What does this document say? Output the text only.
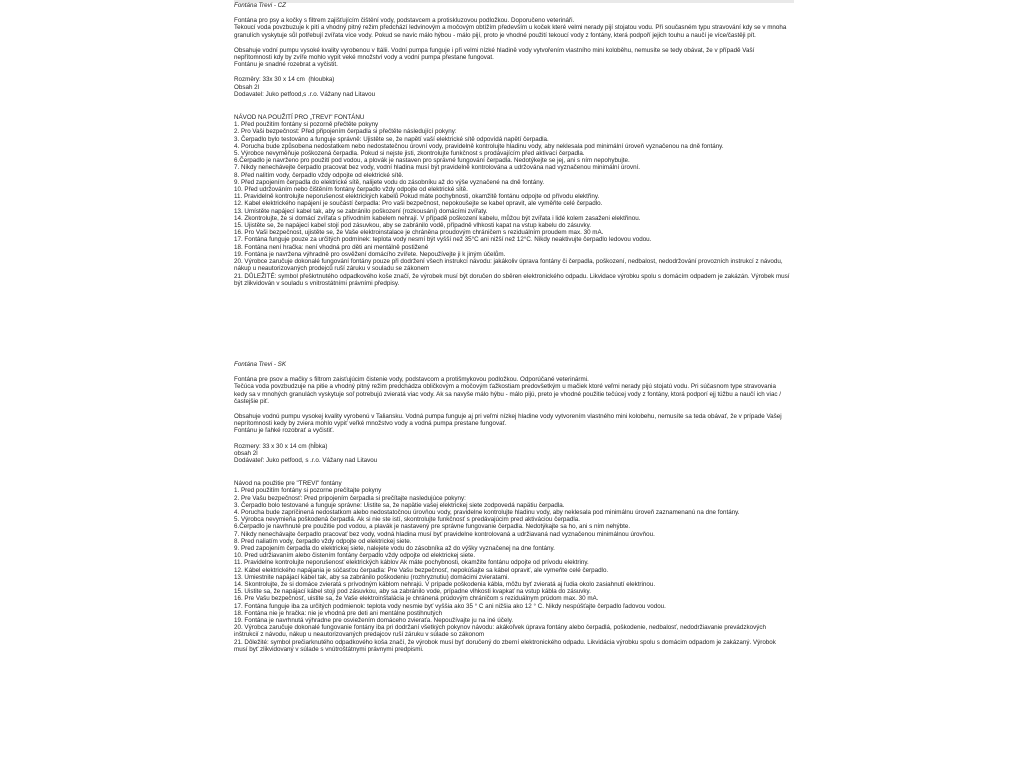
Fontána Trevi - CZ

Fontána pro psy a kočky s filtrem zajišťujícím čištění vody, podstavcem a protiskluzovou podložkou. Doporučeno veterináři.

Tekoucí voda povzbuzuje k pití a vhodný pitný režim předchází ledvinovým a močovým obtížím především u koček které velmi nerady pijí stojatou vodu. Při současném typu stravování kdy se v mnoha granulích vyskytuje sůl potřebují zvířata více vody. Pokud se navíc málo hýbou - málo pijí, proto je vhodné použití tekoucí vody z fontány, která podpoří jejich touhu a naučí je více/častěji pít.

Obsahuje vodní pumpu vysoké kvality vyrobenou v Itálii. Vodní pumpa funguje i při velmi nízké hladině vody vytvořením vlastního mini koloběhu, nemusíte se tedy obávat, že v případě Vaší nepřítomnosti kdy by zvíře mohlo vypít veké množství vody a vodní pumpa přestane fungovat.

Fontánu je snadné rozebrat a vyčistit.

Rozměry: 33x 30 x 14 cm  (hloubka)

Obsah 2l

Dodavatel: Juko petfood,s .r.o. Vážany nad Litavou

NÁVOD NA POUŽITÍ PRO „TREVI" FONTÁNU

1. Před použitím fontány si pozorně přečtěte pokyny
2. Pro Vaši bezpečnost: Před připojením čerpadla si přečtěte následující pokyny:
3. Čerpadlo bylo testováno a funguje správně: Ujistěte se, že napětí vaší elektrické sítě odpovídá napětí čerpadla.
4. Porucha bude způsobena nedostatkem nebo nedostatečnou úrovní vody, pravidelně kontrolujte hladinu vody, aby neklesala pod minimální úroveň vyznačenou na dně fontány.
5. Výrobce nevyměňuje poškozená čerpadla. Pokud si nejste jisti, zkontrolujte funkčnost s prodávajícím před aktivací čerpadla.
6.Čerpadlo je navrženo pro použití pod vodou, a plovák je nastaven pro správné fungování čerpadla. Nedotýkejte se jej, ani s ním nepohybujte.
7. Nikdy nenechávejte čerpadlo pracovat bez vody, vodní hladina musí být pravidelně kontrolována a udržována nad vyznačenou minimální úrovní.
8. Před nalitím vody, čerpadlo vždy odpojte od elektrické sítě.
9. Před zapojením čerpadla do elektrické sítě, nalijete vodu do zásobníku až do výše vyznačené na dně fontány.
10. Před udržováním nebo čištěním fontány čerpadlo vždy odpojte od elektrické sítě.
11. Pravidelně kontrolujte neporušenost elektrických kabelů Pokud máte pochybnosti, okamžitě fontánu odpojte od přívodu elektřiny.
12. Kabel elektrického napájení je součástí čerpadla: Pro vaši bezpečnost, nepokoušejte se kabel opravit, ale vyměňte celé čerpadlo.
13. Umístěte napájecí kabel tak, aby se zabránilo poškození (rozkousání) domácími zvířaty.
14. Zkontrolujte, že si domácí zvířata s přívodním kabelem nehrají. V případě poškození kabelu, můžou být zvířata i lidé kolem zasaženi elektřinou.
15. Ujistěte se, že napájecí kabel stojí pod zásuvkou, aby se zabránilo vodě, případně vlhkosti kapat na vstup kabelu do zásuvky.
16. Pro Vaši bezpečnost, ujistěte se, že Vaše elektroinstalace je chráněna proudovým chráničem s reziduálním proudem max. 30 mA.
17. Fontána funguje pouze za určitých podmínek: teplota vody nesmí být vyšší než 35°C ani nižší než 12°C. Nikdy neaktivujte čerpadlo ledovou vodou.
18. Fontána není hračka: není vhodná pro děti ani mentálně postižené
19. Fontána je navržena výhradně pro osvěžení domácího zvířete. Nepoužívejte ji k jiným účelům.
20. Výrobce zaručuje dokonalé fungování fontány pouze při dodržení všech instrukcí návodu: jakákoliv úprava fontány či čerpadla, poškození, nedbalost, nedodržování provozních instrukcí z návodu, nákup u neautorizovaných prodejců ruší záruku v souladu se zákonem
21. DŮLEŽITÉ: symbol přeškrtnutého odpadkového koše značí, že výrobek musí být doručen do sběren elektronického odpadu. Likvidace výrobku spolu s domácím odpadem je zakázán. Výrobek musí být zlikvidován v souladu s vnitrostátními právními předpisy.

Fontána Trevi - SK

Fontána pre psov a mačky s filtrom zaisťujúcim čistenie vody, podstavcom a protišmykovou podložkou. Odporúčané veterinármi.

Tečúca voda povzbudzuje na pitie a vhodný pitný režim predchádza obličkovým a močovým ťažkostiam predovšetkým u mačiek ktoré veľmi nerady pijú stojatú vodu. Pri súčasnom type stravovania kedy sa v mnohých granulách vyskytuje soľ potrebujú zvieratá viac vody. Ak sa navyše málo hýbu - málo pijú, preto je vhodné použitie tečúcej vody z fontány, ktorá podporí ejj túžbu a naučí ich viac / častejšie piť.

Obsahuje vodnú pumpu vysokej kvality vyrobenú v Taliansku. Vodná pumpa funguje aj pri veľmi nízkej hladine vody vytvorením vlastného mini kolobehu, nemusíte sa teda obávať, že v prípade Vašej neprítomnosti kedy by zviera mohlo vypiť veľké množstvo vody a vodná pumpa prestane fungovať.

Fontánu je ľahké rozobrať a vyčistiť.

Rozmery: 33 x 30 x 14 cm (hĺbka)

obsah 2l

Dodávateľ: Juko petfood, s .r.o. Vážany nad Litavou

Návod na použitie pre "TREVI" fontány

1. Pred použitím fontány si pozorne prečítajte pokyny
2. Pre Vašu bezpečnosť: Pred pripojením čerpadla si prečítajte nasledujúce pokyny:
3. Čerpadlo bolo testované a funguje správne: Uistite sa, že napätie vašej elektrickej siete zodpovedá napätiu čerpadla.
4. Porucha bude zapríčinená nedostatkom alebo nedostatočnou úrovňou vody, pravidelne kontrolujte hladinu vody, aby neklesala pod minimálnu úroveň zaznamenanú na dne fontány.
5. Výrobca nevymieňa poškodená čerpadlá. Ak si nie ste istí, skontrolujte funkčnosť s predávajúcim pred aktiváciou čerpadla.
6.Čerpadlo je navrhnuté pre použitie pod vodou, a plavák je nastavený pre správne fungovanie čerpadla. Nedotýkajte sa ho, ani s ním nehýbte.
7. Nikdy nenechávajte čerpadlo pracovať bez vody, vodná hladina musí byť pravidelne kontrolovaná a udržiavaná nad vyznačenou minimálnou úrovňou.
8. Pred naliatím vody, čerpadlo vždy odpojte od elektrickej siete.
9. Pred zapojením čerpadla do elektrickej siete, nalejete vodu do zásobníka až do výšky vyznačenej na dne fontány.
10. Pred udržiavaním alebo čistením fontány čerpadlo vždy odpojte od elektrickej siete.
11. Pravidelne kontrolujte neporušenosť elektrických káblov Ak máte pochybnosti, okamžite fontánu odpojte od prívodu elektriny.
12. Kábel elektrického napájania je súčasťou čerpadla: Pre Vašu bezpečnosť, nepokúšajte sa kábel opraviť, ale vymeňte celé čerpadlo.
13. Umiestnite napájací kábel tak, aby sa zabránilo poškodeniu (rozhryznutiu) domácimi zvieratami.
14. Skontrolujte, že si domáce zvieratá s prívodným káblom nehrajú. V prípade poškodenia kábla, môžu byť zvieratá aj ľudia okolo zasiahnutí elektrinou.
15. Uistite sa, že napájací kábel stojí pod zásuvkou, aby sa zabránilo vode, prípadne vlhkosti kvapkať na vstup kábla do zásuvky.
16. Pre Vašu bezpečnosť, uistite sa, že Vaše elektroinštalácia je chránená prúdovým chráničom s reziduálnym prúdom max. 30 mA.
17. Fontána funguje iba za určitých podmienok: teplota vody nesmie byť vyššia ako 35 ° C ani nižšia ako 12 ° C. Nikdy nespúšťajte čerpadlo ľadovou vodou.
18. Fontána nie je hračka: nie je vhodná pre deti ani mentálne postihnutých
19. Fontána je navrhnutá výhradne pre osviežením domáceho zvieraťa. Nepoužívajte ju na iné účely.
20. Výrobca zaručuje dokonalé fungovanie fontány iba pri dodržaní všetkých pokynov návodu: akákoľvek úprava fontány alebo čerpadlá, poškodenie, nedbalosť, nedodržiavanie prevádzkových inštrukcií z návodu, nákup u neautorizovaných predajcov ruší záruku v súlade so zákonom
21. Dôležité: symbol prečiarknutého odpadkového koša značí, že výrobok musí byť doručený do zberní elektronického odpadu. Likvidácia výrobku spolu s domácim odpadom je zakázaný. Výrobok musí byť zlikvidovaný v súlade s vnútroštátnymi právnymi predpismi.
